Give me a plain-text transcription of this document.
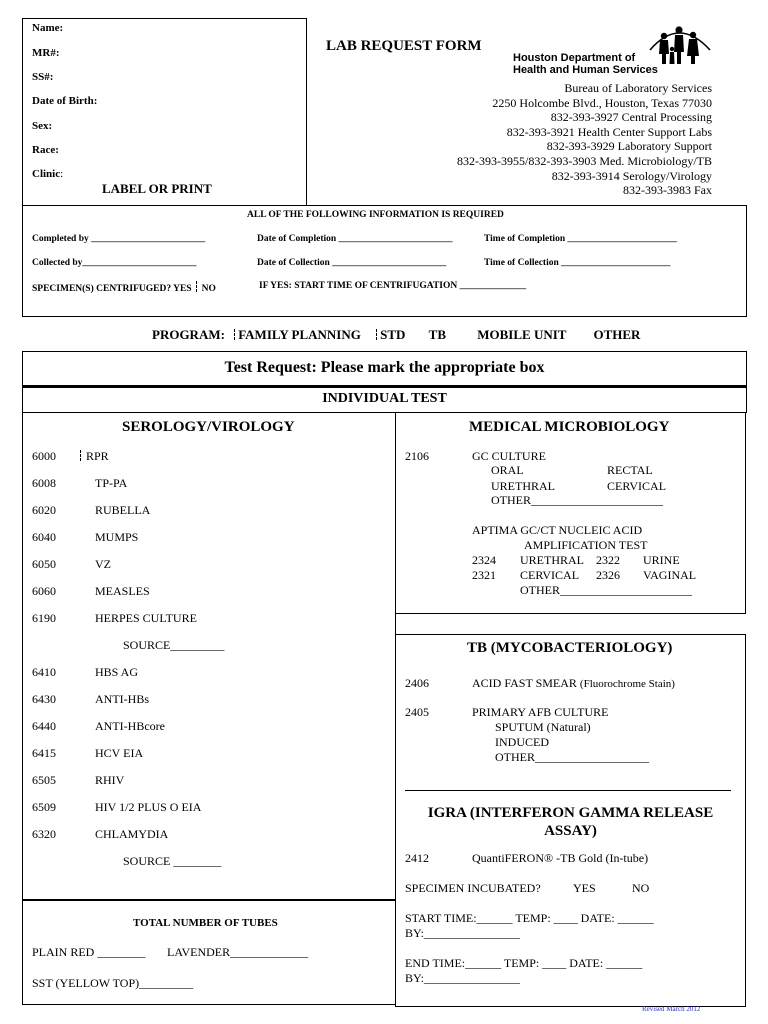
Name:
MR#:
SS#:
Date of Birth:
Sex:
Race:
Clinic:
LABEL OR PRINT
LAB REQUEST FORM
Houston Department of
Health and Human Services
Bureau of Laboratory Services
2250 Holcombe Blvd., Houston, Texas 77030
832-393-3927 Central Processing
832-393-3921 Health Center Support Labs
832-393-3929 Laboratory Support
832-393-3955/832-393-3903 Med. Microbiology/TB
832-393-3914 Serology/Virology
832-393-3983 Fax
ALL OF THE FOLLOWING INFORMATION IS REQUIRED
Completed by ________________________	Date of Completion ________________________	Time of Completion _______________________
Collected by________________________	Date of Collection ________________________	Time of Collection _______________________
SPECIMEN(S) CENTRIFUGED? YES NO	IF YES: START TIME OF CENTRIFUGATION ______________
PROGRAM: FAMILY PLANNING STD TB MOBILE UNIT OTHER
Test Request: Please mark the appropriate box
INDIVIDUAL TEST
SEROLOGY/VIROLOGY
6000	RPR
6008	TP-PA
6020	RUBELLA
6040	MUMPS
6050	VZ
6060	MEASLES
6190	HERPES CULTURE
SOURCE_________
6410	HBS AG
6430	ANTI-HBs
6440	ANTI-HBcore
6415	HCV EIA
6505	RHIV
6509	HIV 1/2 PLUS O EIA
6320	CHLAMYDIA
SOURCE ________
TOTAL NUMBER OF TUBES
PLAIN RED ________ LAVENDER_____________
SST (YELLOW TOP)_________
MEDICAL MICROBIOLOGY
2106	GC CULTURE
ORAL	RECTAL
URETHRAL	CERVICAL
OTHER______________________
APTIMA GC/CT NUCLEIC ACID
AMPLIFICATION TEST
2324 URETHRAL 2322 URINE
2321 CERVICAL 2326 VAGINAL
OTHER______________________
TB (MYCOBACTERIOLOGY)
2406	ACID FAST SMEAR (Fluorochrome Stain)
2405	PRIMARY AFB CULTURE
SPUTUM (Natural)
INDUCED
OTHER___________________
IGRA (INTERFERON GAMMA RELEASE
ASSAY)
2412	QuantiFERON® -TB Gold (In-tube)
SPECIMEN INCUBATED?	YES	NO
START TIME:______ TEMP: ____ DATE: ______
BY:________________
END TIME:______ TEMP: ____ DATE: ______
BY:________________
Revised March 2012
